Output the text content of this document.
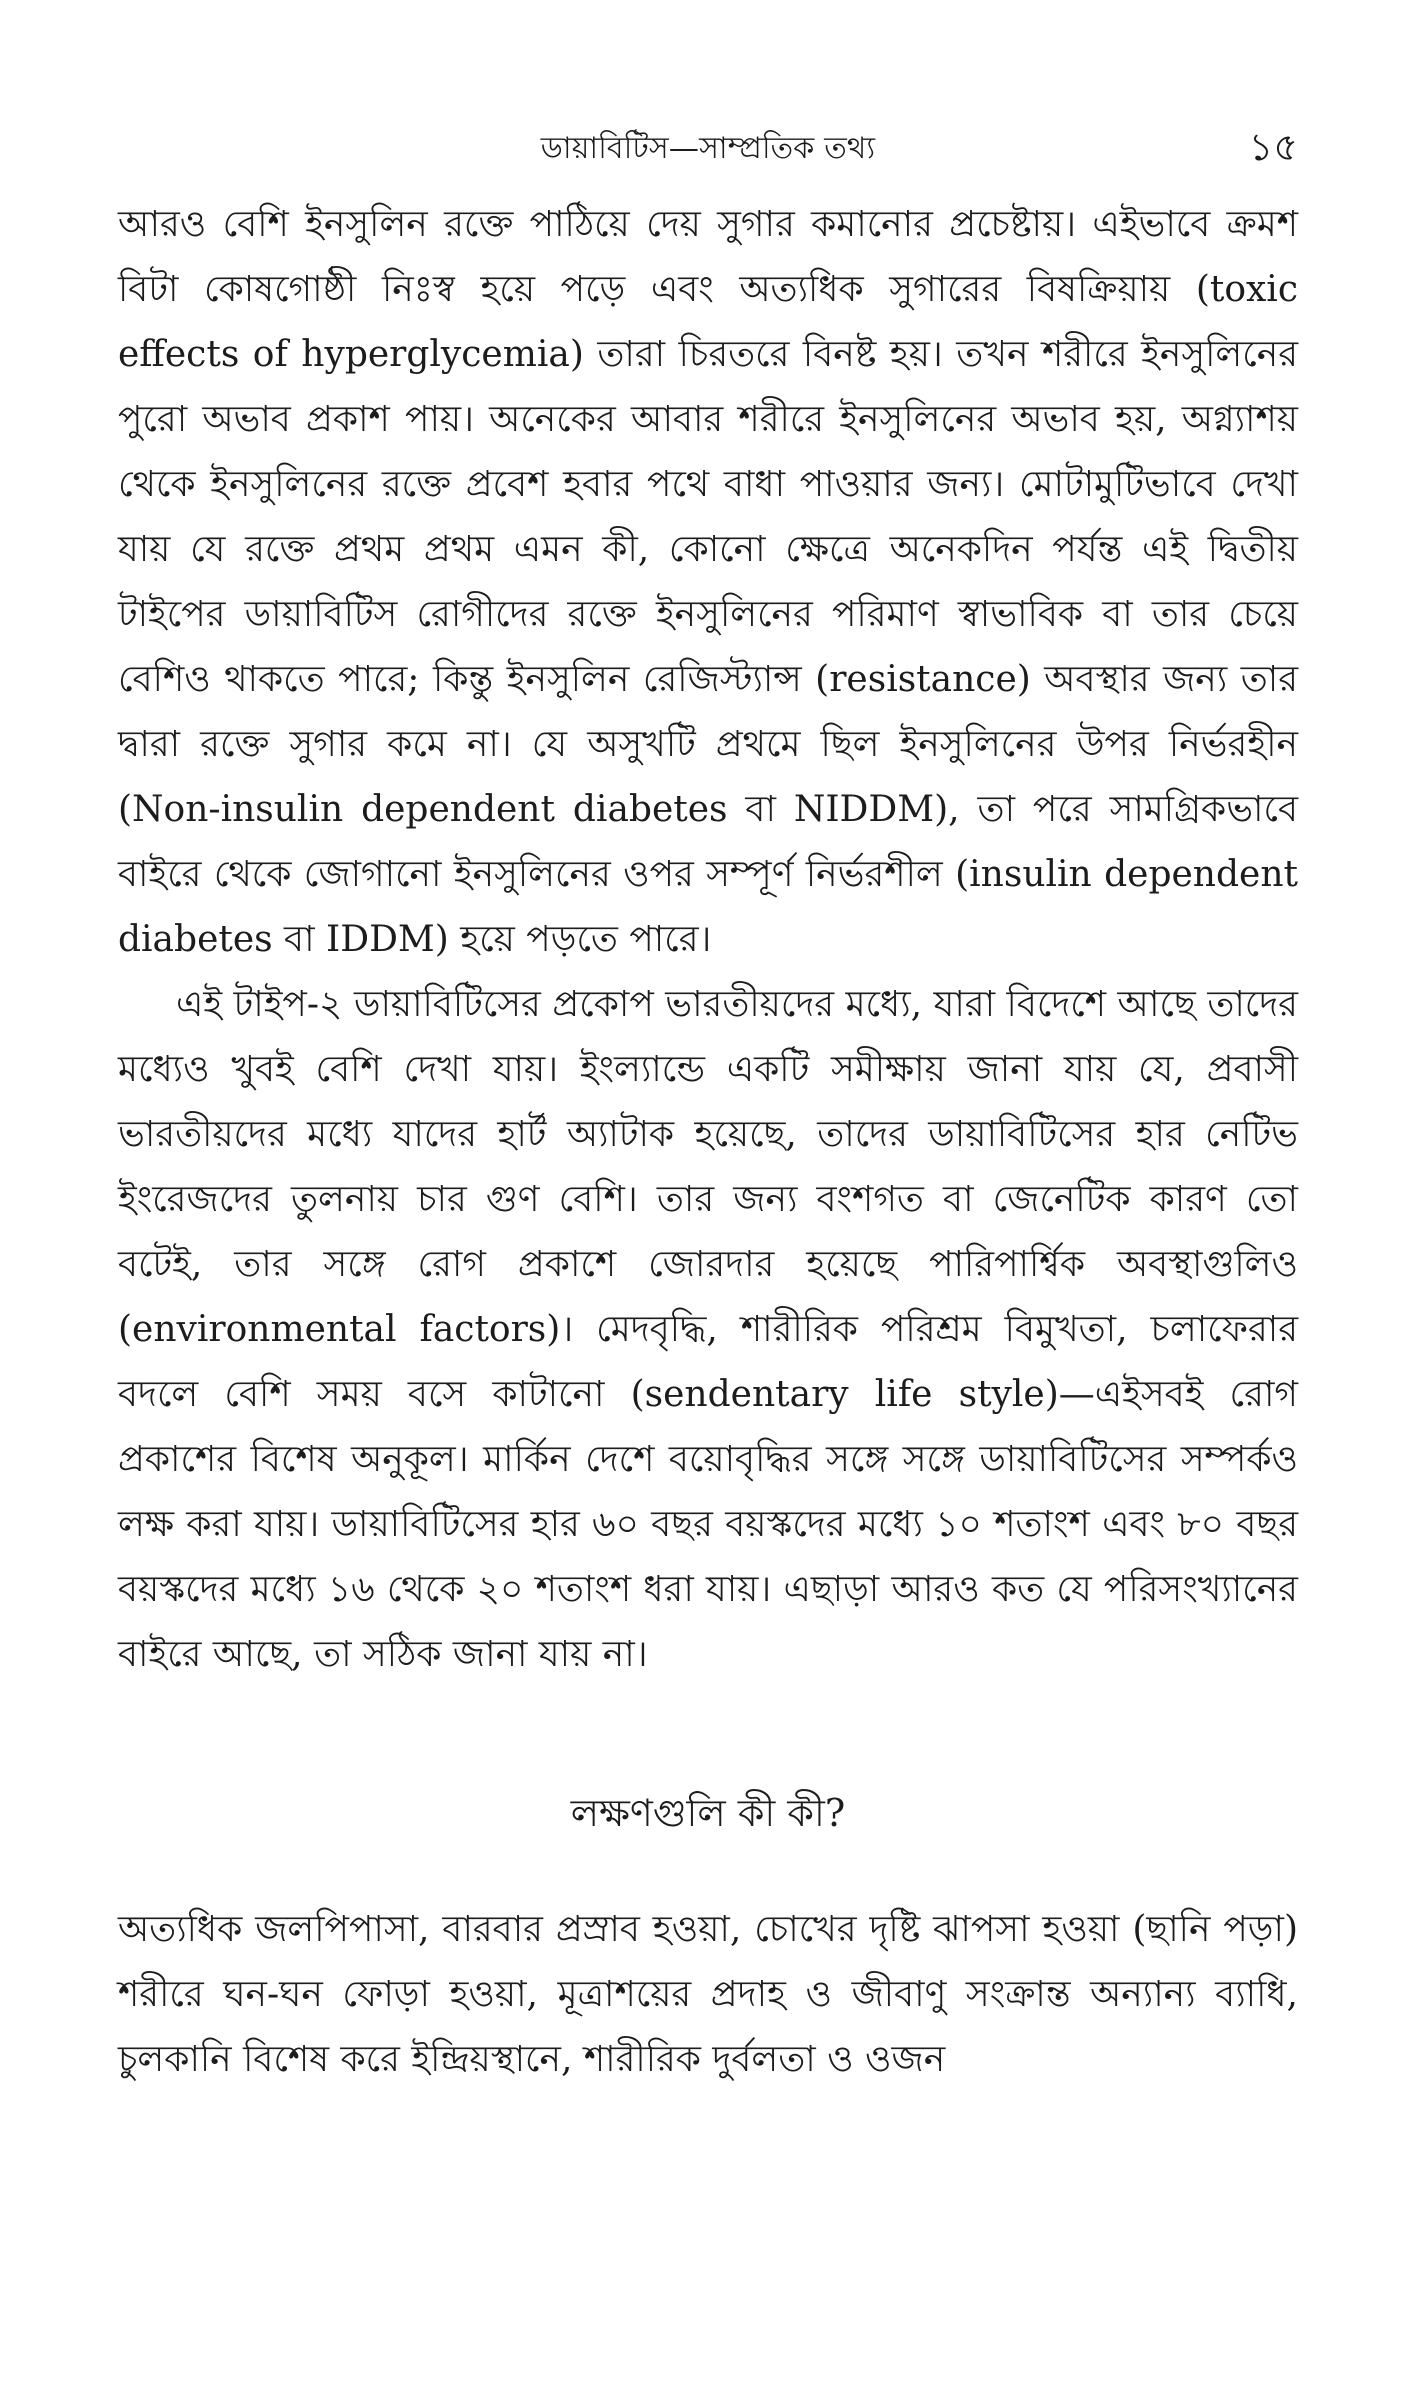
ডায়াবিটিস—সাম্প্রতিক তথ্য	১৫

আরও বেশি ইনসুলিন রক্তে পাঠিয়ে দেয় সুগার কমানোর প্রচেষ্টায়। এইভাবে ক্রমশ বিটা কোষগোষ্ঠী নিঃস্ব হয়ে পড়ে এবং অত্যধিক সুগারের বিষক্রিয়ায় (toxic effects of hyperglycemia) তারা চিরতরে বিনষ্ট হয়। তখন শরীরে ইনসুলিনের পুরো অভাব প্রকাশ পায়। অনেকের আবার শরীরে ইনসুলিনের অভাব হয়, অগ্ন্যাশয় থেকে ইনসুলিনের রক্তে প্রবেশ হবার পথে বাধা পাওয়ার জন্য। মোটামুটিভাবে দেখা যায় যে রক্তে প্রথম প্রথম এমন কী, কোনো ক্ষেত্রে অনেকদিন পর্যন্ত এই দ্বিতীয় টাইপের ডায়াবিটিস রোগীদের রক্তে ইনসুলিনের পরিমাণ স্বাভাবিক বা তার চেয়ে বেশিও থাকতে পারে; কিন্তু ইনসুলিন রেজিস্ট্যান্স (resistance) অবস্থার জন্য তার দ্বারা রক্তে সুগার কমে না। যে অসুখটি প্রথমে ছিল ইনসুলিনের উপর নির্ভরহীন (Non-insulin dependent diabetes বা NIDDM), তা পরে সামগ্রিকভাবে বাইরে থেকে জোগানো ইনসুলিনের ওপর সম্পূর্ণ নির্ভরশীল (insulin dependent diabetes বা IDDM) হয়ে পড়তে পারে।

এই টাইপ-২ ডায়াবিটিসের প্রকোপ ভারতীয়দের মধ্যে, যারা বিদেশে আছে তাদের মধ্যেও খুবই বেশি দেখা যায়। ইংল্যান্ডে একটি সমীক্ষায় জানা যায় যে, প্রবাসী ভারতীয়দের মধ্যে যাদের হার্ট অ্যাটাক হয়েছে, তাদের ডায়াবিটিসের হার নেটিভ ইংরেজদের তুলনায় চার গুণ বেশি। তার জন্য বংশগত বা জেনেটিক কারণ তো বটেই, তার সঙ্গে রোগ প্রকাশে জোরদার হয়েছে পারিপার্শ্বিক অবস্থাগুলিও (environmental factors)। মেদবৃদ্ধি, শারীরিক পরিশ্রম বিমুখতা, চলাফেরার বদলে বেশি সময় বসে কাটানো (sendentary life style)—এইসবই রোগ প্রকাশের বিশেষ অনুকূল। মার্কিন দেশে বয়োবৃদ্ধির সঙ্গে সঙ্গে ডায়াবিটিসের সম্পর্কও লক্ষ করা যায়। ডায়াবিটিসের হার ৬০ বছর বয়স্কদের মধ্যে ১০ শতাংশ এবং ৮০ বছর বয়স্কদের মধ্যে ১৬ থেকে ২০ শতাংশ ধরা যায়। এছাড়া আরও কত যে পরিসংখ্যানের বাইরে আছে, তা সঠিক জানা যায় না।

লক্ষণগুলি কী কী?

অত্যধিক জলপিপাসা, বারবার প্রস্রাব হওয়া, চোখের দৃষ্টি ঝাপসা হওয়া (ছানি পড়া) শরীরে ঘন-ঘন ফোড়া হওয়া, মূত্রাশয়ের প্রদাহ ও জীবাণু সংক্রান্ত অন্যান্য ব্যাধি, চুলকানি বিশেষ করে ইন্দ্রিয়স্থানে, শারীরিক দুর্বলতা ও ওজন
